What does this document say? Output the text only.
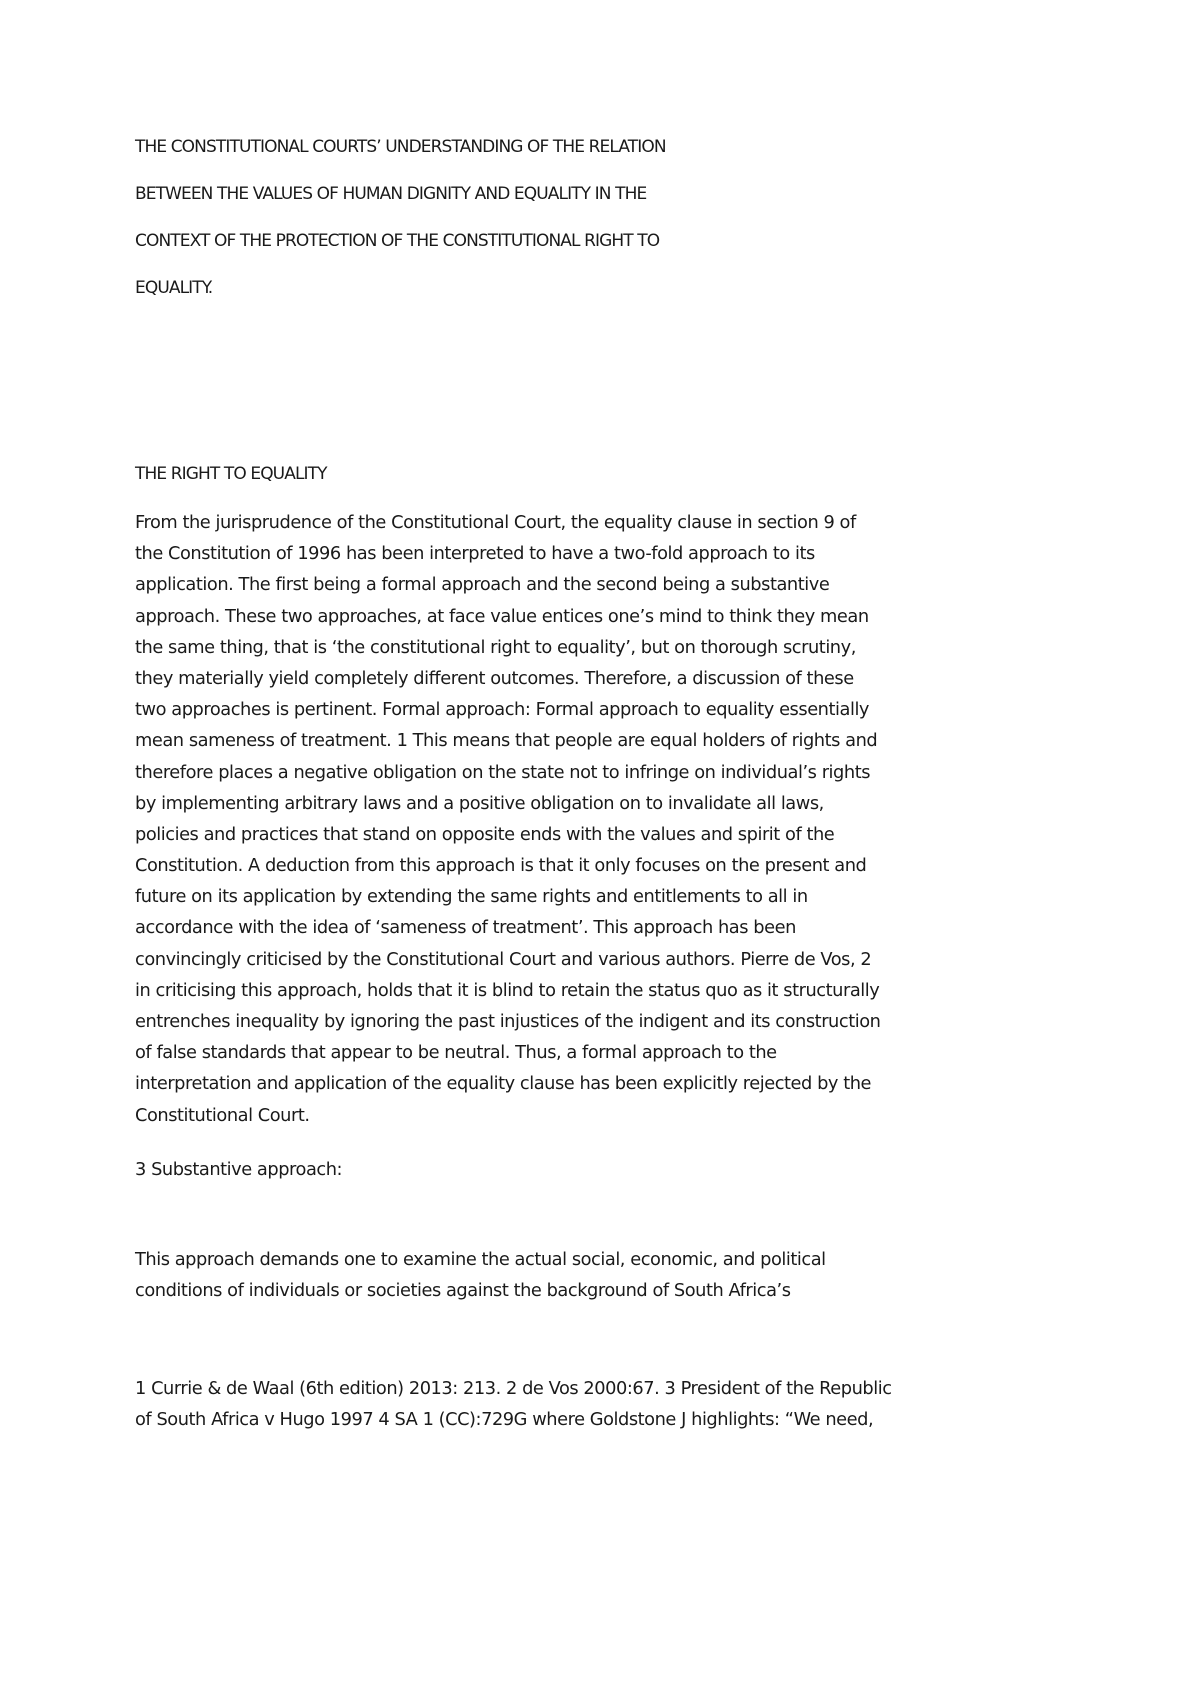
THE CONSTITUTIONAL COURTS’ UNDERSTANDING OF THE RELATION
BETWEEN THE VALUES OF HUMAN DIGNITY AND EQUALITY IN THE
CONTEXT OF THE PROTECTION OF THE CONSTITUTIONAL RIGHT TO
EQUALITY.
THE RIGHT TO EQUALITY
From the jurisprudence of the Constitutional Court, the equality clause in section 9 of
the Constitution of 1996 has been interpreted to have a two-fold approach to its
application. The first being a formal approach and the second being a substantive
approach. These two approaches, at face value entices one’s mind to think they mean
the same thing, that is ‘the constitutional right to equality’, but on thorough scrutiny,
they materially yield completely different outcomes. Therefore, a discussion of these
two approaches is pertinent. Formal approach: Formal approach to equality essentially
mean sameness of treatment. 1 This means that people are equal holders of rights and
therefore places a negative obligation on the state not to infringe on individual’s rights
by implementing arbitrary laws and a positive obligation on to invalidate all laws,
policies and practices that stand on opposite ends with the values and spirit of the
Constitution. A deduction from this approach is that it only focuses on the present and
future on its application by extending the same rights and entitlements to all in
accordance with the idea of ‘sameness of treatment’. This approach has been
convincingly criticised by the Constitutional Court and various authors. Pierre de Vos, 2
in criticising this approach, holds that it is blind to retain the status quo as it structurally
entrenches inequality by ignoring the past injustices of the indigent and its construction
of false standards that appear to be neutral. Thus, a formal approach to the
interpretation and application of the equality clause has been explicitly rejected by the
Constitutional Court.
3 Substantive approach:
This approach demands one to examine the actual social, economic, and political
conditions of individuals or societies against the background of South Africa’s
1 Currie & de Waal (6th edition) 2013: 213. 2 de Vos 2000:67. 3 President of the Republic
of South Africa v Hugo 1997 4 SA 1 (CC):729G where Goldstone J highlights: “We need,
